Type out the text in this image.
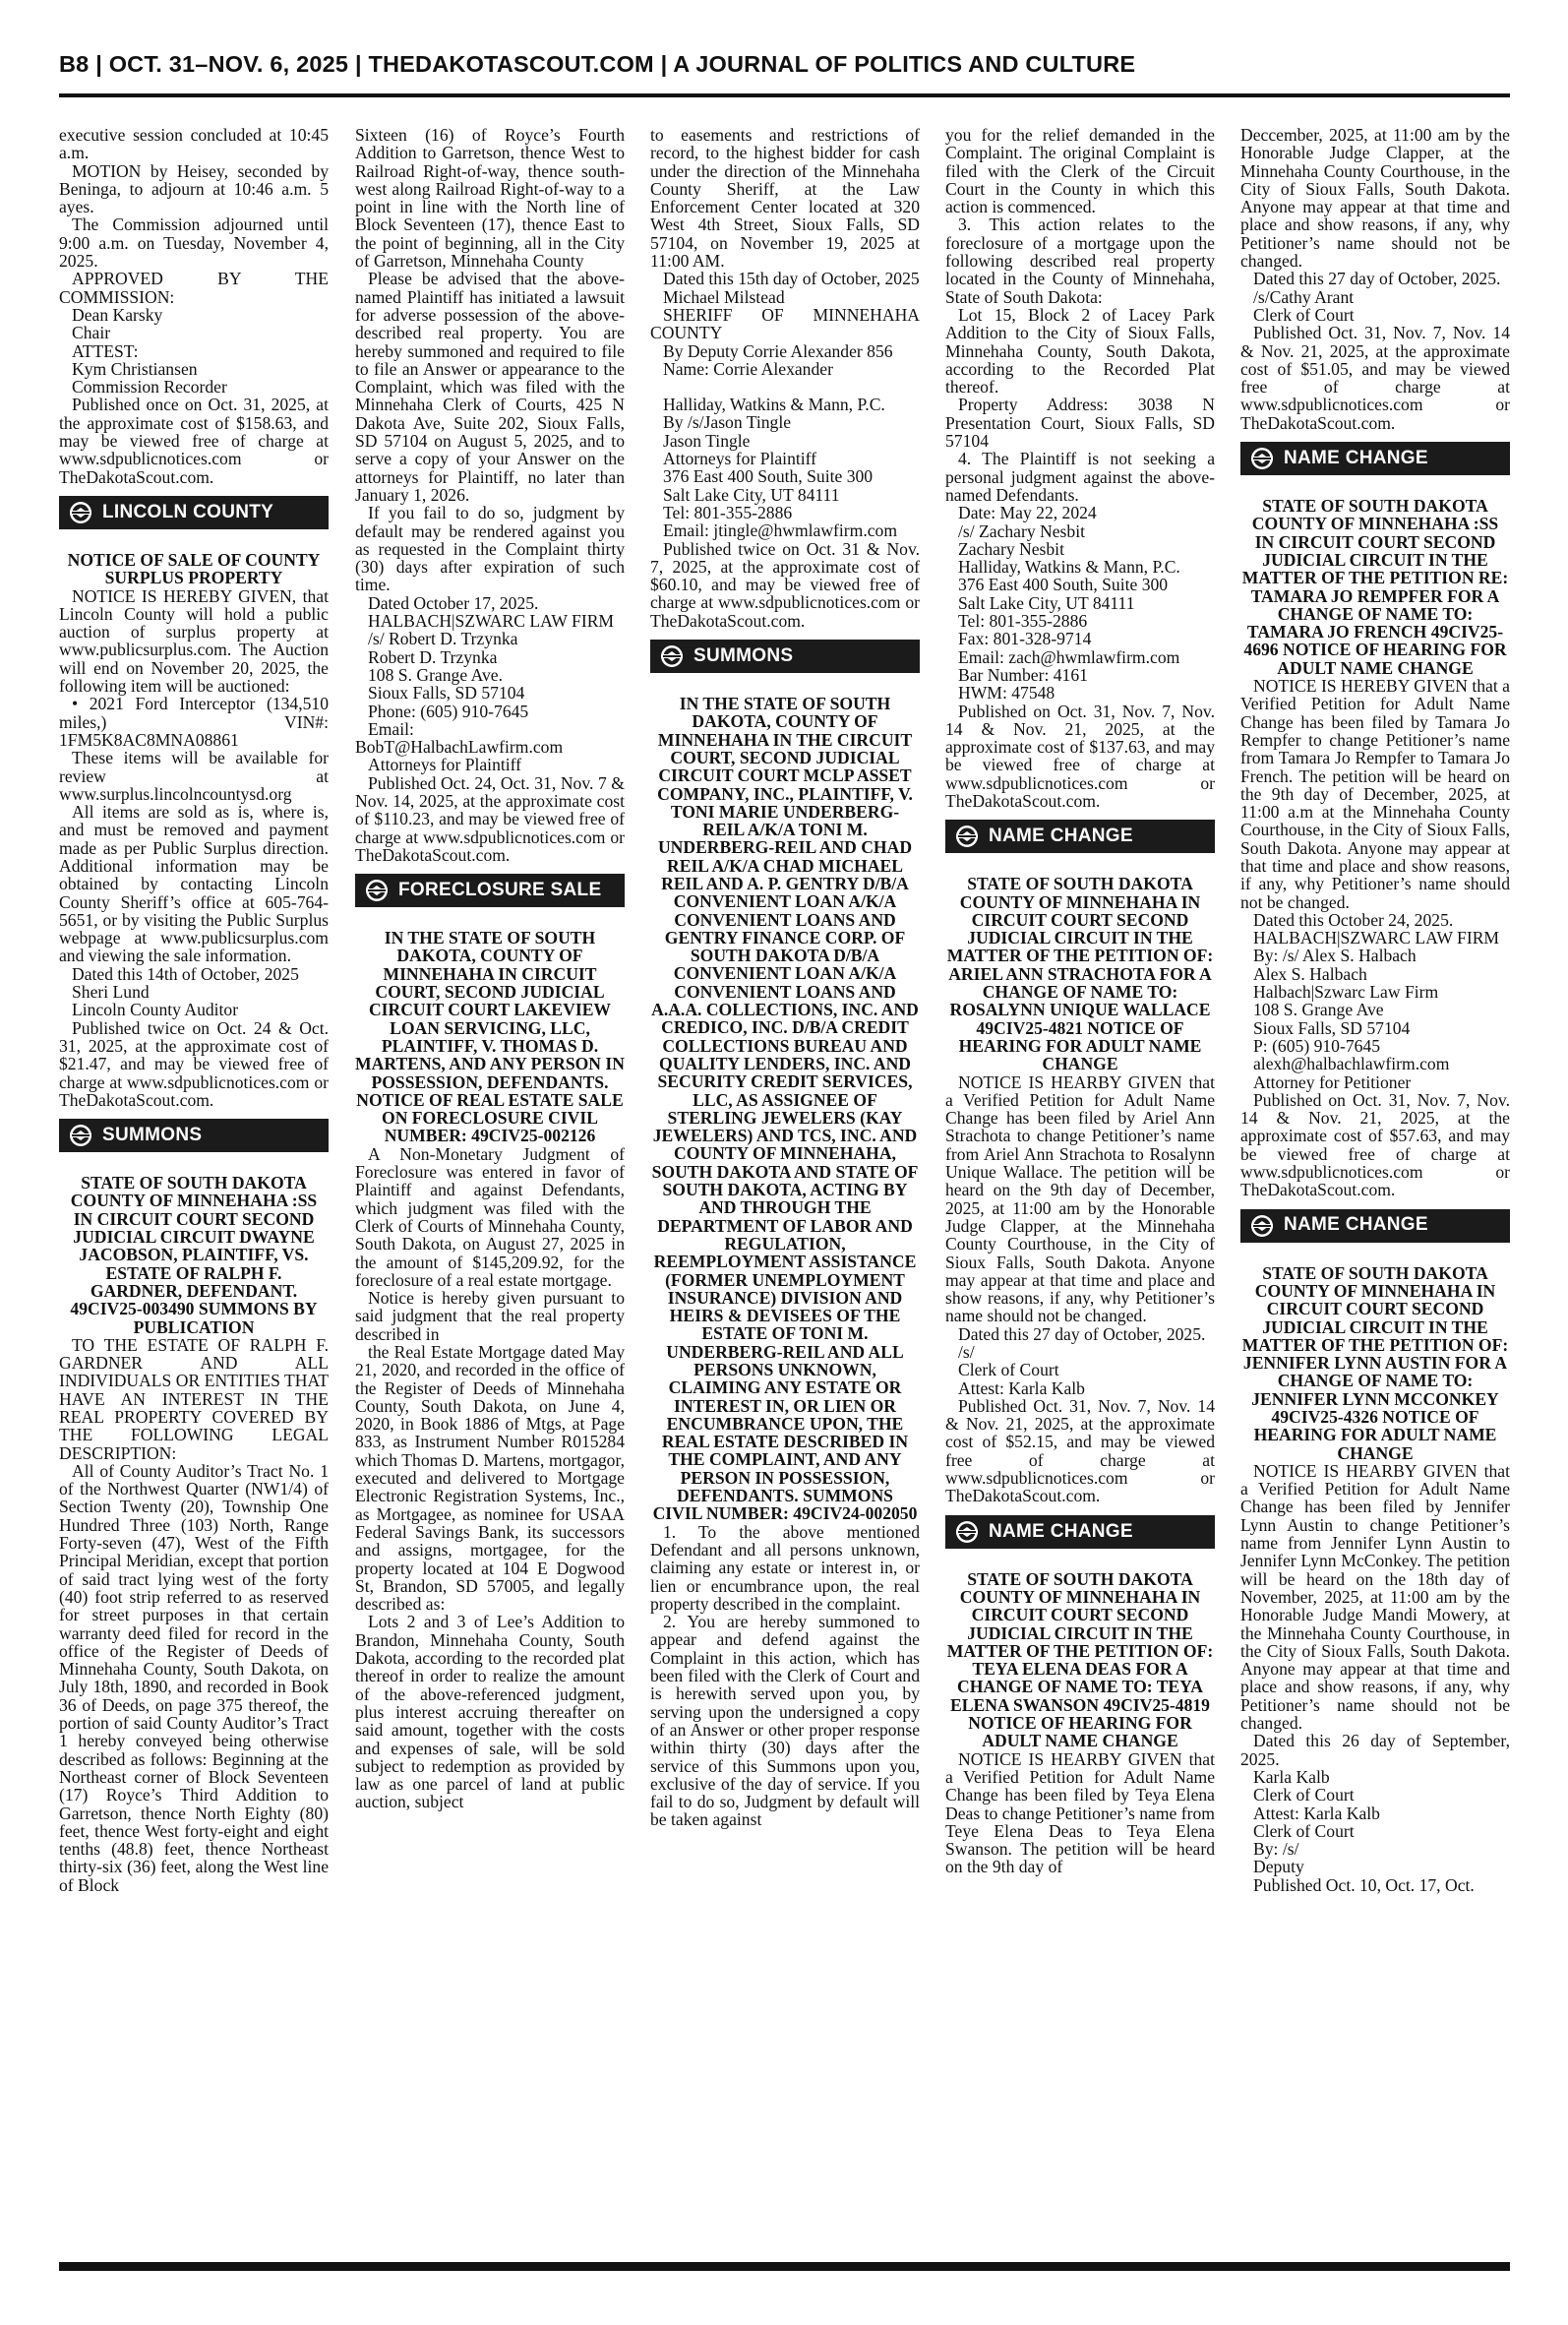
B8 | OCT. 31–NOV. 6, 2025 | THEDAKOTASCOUT.COM | A JOURNAL OF POLITICS AND CULTURE

executive session concluded at 10:45 a.m.

MOTION by Heisey, seconded by Beninga, to adjourn at 10:46 a.m. 5 ayes.

The Commission adjourned until 9:00 a.m. on Tuesday, November 4, 2025.

APPROVED BY THE COMMISSION:

Dean Karsky

Chair

ATTEST:

Kym Christiansen

Commission Recorder

Published once on Oct. 31, 2025, at the approximate cost of $158.63, and may be viewed free of charge at www.sdpublicnotices.com or TheDakotaScout.com.

LINCOLN COUNTY

NOTICE OF SALE OF COUNTY SURPLUS PROPERTY

NOTICE IS HEREBY GIVEN, that Lincoln County will hold a public auction of surplus property at www.publicsurplus.com. The Auction will end on November 20, 2025, the following item will be auctioned:

• 2021 Ford Interceptor (134,510 miles,) VIN#: 1FM5K8AC8MNA08861

These items will be available for review at www.surplus.lincolncountysd.org

All items are sold as is, where is, and must be removed and payment made as per Public Surplus direction. Additional information may be obtained by contacting Lincoln County Sheriff’s office at 605-764-5651, or by visiting the Public Surplus webpage at www.publicsurplus.com and viewing the sale information.

Dated this 14th of October, 2025

Sheri Lund

Lincoln County Auditor

Published twice on Oct. 24 & Oct. 31, 2025, at the approximate cost of $21.47, and may be viewed free of charge at www.sdpublicnotices.com or TheDakotaScout.com.

SUMMONS

STATE OF SOUTH DAKOTA COUNTY OF MINNEHAHA :SS IN CIRCUIT COURT SECOND JUDICIAL CIRCUIT DWAYNE JACOBSON, PLAINTIFF, VS. ESTATE OF RALPH F. GARDNER, DEFENDANT. 49CIV25-003490 SUMMONS BY PUBLICATION

TO THE ESTATE OF RALPH F. GARDNER AND ALL INDIVIDUALS OR ENTITIES THAT HAVE AN INTEREST IN THE REAL PROPERTY COVERED BY THE FOLLOWING LEGAL DESCRIPTION:

All of County Auditor’s Tract No. 1 of the Northwest Quarter (NW1/4) of Section Twenty (20), Township One Hundred Three (103) North, Range Forty-seven (47), West of the Fifth Principal Meridian, except that portion of said tract lying west of the forty (40) foot strip referred to as reserved for street purposes in that certain warranty deed filed for record in the office of the Register of Deeds of Minnehaha County, South Dakota, on July 18th, 1890, and recorded in Book 36 of Deeds, on page 375 thereof, the portion of said County Auditor’s Tract 1 hereby conveyed being otherwise described as follows: Beginning at the Northeast corner of Block Seventeen (17) Royce’s Third Addition to Garretson, thence North Eighty (80) feet, thence West forty-eight and eight tenths (48.8) feet, thence Northeast thirty-six (36) feet, along the West line of Block

Sixteen (16) of Royce’s Fourth Addition to Garretson, thence West to Railroad Right-of-way, thence south-west along Railroad Right-of-way to a point in line with the North line of Block Seventeen (17), thence East to the point of beginning, all in the City of Garretson, Minnehaha County

Please be advised that the above-named Plaintiff has initiated a lawsuit for adverse possession of the above-described real property. You are hereby summoned and required to file to file an Answer or appearance to the Complaint, which was filed with the Minnehaha Clerk of Courts, 425 N Dakota Ave, Suite 202, Sioux Falls, SD 57104 on August 5, 2025, and to serve a copy of your Answer on the attorneys for Plaintiff, no later than January 1, 2026.

If you fail to do so, judgment by default may be rendered against you as requested in the Complaint thirty (30) days after expiration of such time.

Dated October 17, 2025.

HALBACH|SZWARC LAW FIRM

/s/ Robert D. Trzynka

Robert D. Trzynka

108 S. Grange Ave.

Sioux Falls, SD 57104

Phone: (605) 910-7645

Email: BobT@HalbachLawfirm.com

Attorneys for Plaintiff

Published Oct. 24, Oct. 31, Nov. 7 & Nov. 14, 2025, at the approximate cost of $110.23, and may be viewed free of charge at www.sdpublicnotices.com or TheDakotaScout.com.

FORECLOSURE SALE

IN THE STATE OF SOUTH DAKOTA, COUNTY OF MINNEHAHA IN CIRCUIT COURT, SECOND JUDICIAL CIRCUIT COURT LAKEVIEW LOAN SERVICING, LLC, PLAINTIFF, V. THOMAS D. MARTENS, AND ANY PERSON IN POSSESSION, DEFENDANTS. NOTICE OF REAL ESTATE SALE ON FORECLOSURE CIVIL NUMBER: 49CIV25-002126

A Non-Monetary Judgment of Foreclosure was entered in favor of Plaintiff and against Defendants, which judgment was filed with the Clerk of Courts of Minnehaha County, South Dakota, on August 27, 2025 in the amount of $145,209.92, for the foreclosure of a real estate mortgage.

Notice is hereby given pursuant to said judgment that the real property described in

the Real Estate Mortgage dated May 21, 2020, and recorded in the office of the Register of Deeds of Minnehaha County, South Dakota, on June 4, 2020, in Book 1886 of Mtgs, at Page 833, as Instrument Number R015284 which Thomas D. Martens, mortgagor, executed and delivered to Mortgage Electronic Registration Systems, Inc., as Mortgagee, as nominee for USAA Federal Savings Bank, its successors and assigns, mortgagee, for the property located at 104 E Dogwood St, Brandon, SD 57005, and legally described as:

Lots 2 and 3 of Lee’s Addition to Brandon, Minnehaha County, South Dakota, according to the recorded plat thereof in order to realize the amount of the above-referenced judgment, plus interest accruing thereafter on said amount, together with the costs and expenses of sale, will be sold subject to redemption as provided by law as one parcel of land at public auction, subject

to easements and restrictions of record, to the highest bidder for cash under the direction of the Minnehaha County Sheriff, at the Law Enforcement Center located at 320 West 4th Street, Sioux Falls, SD 57104, on November 19, 2025 at 11:00 AM.

Dated this 15th day of October, 2025

Michael Milstead

SHERIFF OF MINNEHAHA COUNTY

By Deputy Corrie Alexander 856

Name: Corrie Alexander

Halliday, Watkins & Mann, P.C.

By /s/Jason Tingle

Jason Tingle

Attorneys for Plaintiff

376 East 400 South, Suite 300

Salt Lake City, UT 84111

Tel: 801-355-2886

Email: jtingle@hwmlawfirm.com

Published twice on Oct. 31 & Nov. 7, 2025, at the approximate cost of $60.10, and may be viewed free of charge at www.sdpublicnotices.com or TheDakotaScout.com.

SUMMONS

IN THE STATE OF SOUTH DAKOTA, COUNTY OF MINNEHAHA IN THE CIRCUIT COURT, SECOND JUDICIAL CIRCUIT COURT MCLP ASSET COMPANY, INC., PLAINTIFF, V. TONI MARIE UNDERBERG-REIL A/K/A TONI M. UNDERBERG-REIL AND CHAD REIL A/K/A CHAD MICHAEL REIL AND A. P. GENTRY D/B/A CONVENIENT LOAN A/K/A CONVENIENT LOANS AND GENTRY FINANCE CORP. OF SOUTH DAKOTA D/B/A CONVENIENT LOAN A/K/A CONVENIENT LOANS AND A.A.A. COLLECTIONS, INC. AND CREDICO, INC. D/B/A CREDIT COLLECTIONS BUREAU AND QUALITY LENDERS, INC. AND SECURITY CREDIT SERVICES, LLC, AS ASSIGNEE OF STERLING JEWELERS (KAY JEWELERS) AND TCS, INC. AND COUNTY OF MINNEHAHA, SOUTH DAKOTA AND STATE OF SOUTH DAKOTA, ACTING BY AND THROUGH THE DEPARTMENT OF LABOR AND REGULATION, REEMPLOYMENT ASSISTANCE (FORMER UNEMPLOYMENT INSURANCE) DIVISION AND HEIRS & DEVISEES OF THE ESTATE OF TONI M. UNDERBERG-REIL AND ALL PERSONS UNKNOWN, CLAIMING ANY ESTATE OR INTEREST IN, OR LIEN OR ENCUMBRANCE UPON, THE REAL ESTATE DESCRIBED IN THE COMPLAINT, AND ANY PERSON IN POSSESSION, DEFENDANTS. SUMMONS CIVIL NUMBER: 49CIV24-002050

1. To the above mentioned Defendant and all persons unknown, claiming any estate or interest in, or lien or encumbrance upon, the real property described in the complaint.

2. You are hereby summoned to appear and defend against the Complaint in this action, which has been filed with the Clerk of Court and is herewith served upon you, by serving upon the undersigned a copy of an Answer or other proper response within thirty (30) days after the service of this Summons upon you, exclusive of the day of service. If you fail to do so, Judgment by default will be taken against

you for the relief demanded in the Complaint. The original Complaint is filed with the Clerk of the Circuit Court in the County in which this action is commenced.

3. This action relates to the foreclosure of a mortgage upon the following described real property located in the County of Minnehaha, State of South Dakota:

Lot 15, Block 2 of Lacey Park Addition to the City of Sioux Falls, Minnehaha County, South Dakota, according to the Recorded Plat thereof.

Property Address: 3038 N Presentation Court, Sioux Falls, SD 57104

4. The Plaintiff is not seeking a personal judgment against the above-named Defendants.

Date: May 22, 2024

/s/ Zachary Nesbit

Zachary Nesbit

Halliday, Watkins & Mann, P.C.

376 East 400 South, Suite 300

Salt Lake City, UT 84111

Tel: 801-355-2886

Fax: 801-328-9714

Email: zach@hwmlawfirm.com

Bar Number: 4161

HWM: 47548

Published on Oct. 31, Nov. 7, Nov. 14 & Nov. 21, 2025, at the approximate cost of $137.63, and may be viewed free of charge at www.sdpublicnotices.com or TheDakotaScout.com.

NAME CHANGE

STATE OF SOUTH DAKOTA COUNTY OF MINNEHAHA IN CIRCUIT COURT SECOND JUDICIAL CIRCUIT IN THE MATTER OF THE PETITION OF: ARIEL ANN STRACHOTA FOR A CHANGE OF NAME TO: ROSALYNN UNIQUE WALLACE 49CIV25-4821 NOTICE OF HEARING FOR ADULT NAME CHANGE

NOTICE IS HEARBY GIVEN that a Verified Petition for Adult Name Change has been filed by Ariel Ann Strachota to change Petitioner’s name from Ariel Ann Strachota to Rosalynn Unique Wallace. The petition will be heard on the 9th day of December, 2025, at 11:00 am by the Honorable Judge Clapper, at the Minnehaha County Courthouse, in the City of Sioux Falls, South Dakota. Anyone may appear at that time and place and show reasons, if any, why Petitioner’s name should not be changed.

Dated this 27 day of October, 2025.

/s/

Clerk of Court

Attest: Karla Kalb

Published Oct. 31, Nov. 7, Nov. 14 & Nov. 21, 2025, at the approximate cost of $52.15, and may be viewed free of charge at www.sdpublicnotices.com or TheDakotaScout.com.

NAME CHANGE

STATE OF SOUTH DAKOTA COUNTY OF MINNEHAHA IN CIRCUIT COURT SECOND JUDICIAL CIRCUIT IN THE MATTER OF THE PETITION OF: TEYA ELENA DEAS FOR A CHANGE OF NAME TO: TEYA ELENA SWANSON 49CIV25-4819 NOTICE OF HEARING FOR ADULT NAME CHANGE

NOTICE IS HEARBY GIVEN that a Verified Petition for Adult Name Change has been filed by Teya Elena Deas to change Petitioner’s name from Teye Elena Deas to Teya Elena Swanson. The petition will be heard on the 9th day of

Deccember, 2025, at 11:00 am by the Honorable Judge Clapper, at the Minnehaha County Courthouse, in the City of Sioux Falls, South Dakota. Anyone may appear at that time and place and show reasons, if any, why Petitioner’s name should not be changed.

Dated this 27 day of October, 2025.

/s/Cathy Arant

Clerk of Court

Published Oct. 31, Nov. 7, Nov. 14 & Nov. 21, 2025, at the approximate cost of $51.05, and may be viewed free of charge at www.sdpublicnotices.com or TheDakotaScout.com.

NAME CHANGE

STATE OF SOUTH DAKOTA COUNTY OF MINNEHAHA :SS IN CIRCUIT COURT SECOND JUDICIAL CIRCUIT IN THE MATTER OF THE PETITION RE: TAMARA JO REMPFER FOR A CHANGE OF NAME TO: TAMARA JO FRENCH 49CIV25-4696 NOTICE OF HEARING FOR ADULT NAME CHANGE

NOTICE IS HEREBY GIVEN that a Verified Petition for Adult Name Change has been filed by Tamara Jo Rempfer to change Petitioner’s name from Tamara Jo Rempfer to Tamara Jo French. The petition will be heard on the 9th day of December, 2025, at 11:00 a.m at the Minnehaha County Courthouse, in the City of Sioux Falls, South Dakota. Anyone may appear at that time and place and show reasons, if any, why Petitioner’s name should not be changed.

Dated this October 24, 2025.

HALBACH|SZWARC LAW FIRM

By: /s/ Alex S. Halbach

Alex S. Halbach

Halbach|Szwarc Law Firm

108 S. Grange Ave

Sioux Falls, SD 57104

P: (605) 910-7645

alexh@halbachlawfirm.com

Attorney for Petitioner

Published on Oct. 31, Nov. 7, Nov. 14 & Nov. 21, 2025, at the approximate cost of $57.63, and may be viewed free of charge at www.sdpublicnotices.com or TheDakotaScout.com.

NAME CHANGE

STATE OF SOUTH DAKOTA COUNTY OF MINNEHAHA IN CIRCUIT COURT SECOND JUDICIAL CIRCUIT IN THE MATTER OF THE PETITION OF: JENNIFER LYNN AUSTIN FOR A CHANGE OF NAME TO: JENNIFER LYNN MCCONKEY 49CIV25-4326 NOTICE OF HEARING FOR ADULT NAME CHANGE

NOTICE IS HEARBY GIVEN that a Verified Petition for Adult Name Change has been filed by Jennifer Lynn Austin to change Petitioner’s name from Jennifer Lynn Austin to Jennifer Lynn McConkey. The petition will be heard on the 18th day of November, 2025, at 11:00 am by the Honorable Judge Mandi Mowery, at the Minnehaha County Courthouse, in the City of Sioux Falls, South Dakota. Anyone may appear at that time and place and show reasons, if any, why Petitioner’s name should not be changed.

Dated this 26 day of September, 2025.

Karla Kalb

Clerk of Court

Attest: Karla Kalb

Clerk of Court

By: /s/

Deputy

Published Oct. 10, Oct. 17, Oct.
